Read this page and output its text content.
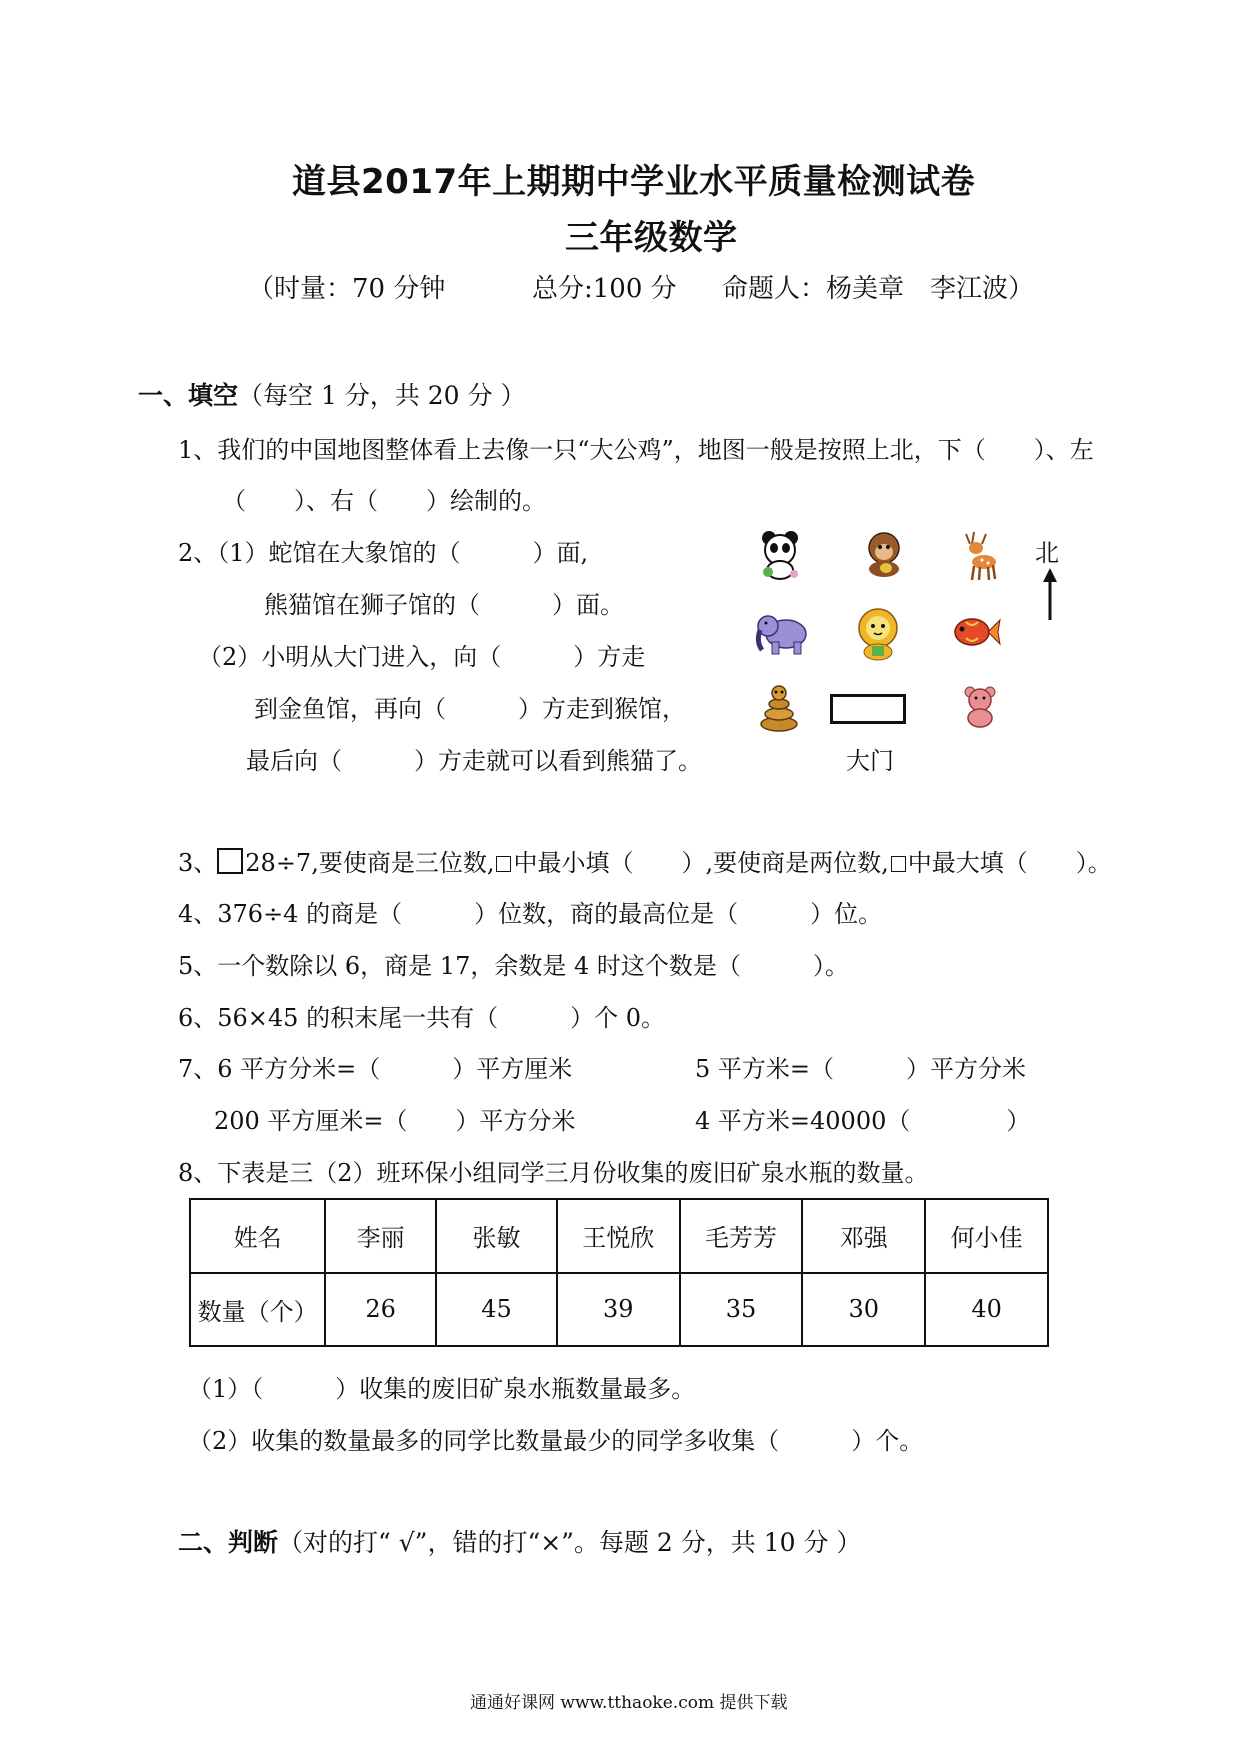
道县2017年上期期中学业水平质量检测试卷
三年级数学
（时量：70 分钟	总分:100 分 命题人：杨美章　李江波）
一、填空（每空 1 分，共 20 分 ）
1、我们的中国地图整体看上去像一只“大公鸡”，地图一般是按照上北，下（　　）、左
（　　）、右（　　）绘制的。
2、（1）蛇馆在大象馆的（　　　）面,
熊猫馆在狮子馆的（　　　）面。
（2）小明从大门进入，向（　　　）方走
到金鱼馆，再向（　　　）方走到猴馆，
最后向（　　　）方走就可以看到熊猫了。	大门
北
3、 28÷7,要使商是三位数, 中最小填（　　）,要使商是两位数, 中最大填（　　）。
4、376÷4 的商是（　　　）位数，商的最高位是（　　　）位。
5、一个数除以 6，商是 17，余数是 4 时这个数是（　　　）。
6、56×45 的积末尾一共有（　　　）个 0。
7、6 平方分米=（　　　）平方厘米	5 平方米=（　　　）平方分米
200 平方厘米=（　　）平方分米	4 平方米=40000（　　　　）
8、下表是三（2）班环保小组同学三月份收集的废旧矿泉水瓶的数量。
姓名	李丽	张敏	王悦欣	毛芳芳	邓强	何小佳
数量（个）	26	45	39	35	30	40
（1）（　　　）收集的废旧矿泉水瓶数量最多。
（2）收集的数量最多的同学比数量最少的同学多收集（　　　）个。
二、判断（对的打“ √”，错的打“×”。每题 2 分，共 10 分 ）
通通好课网 www.tthaoke.com 提供下载
